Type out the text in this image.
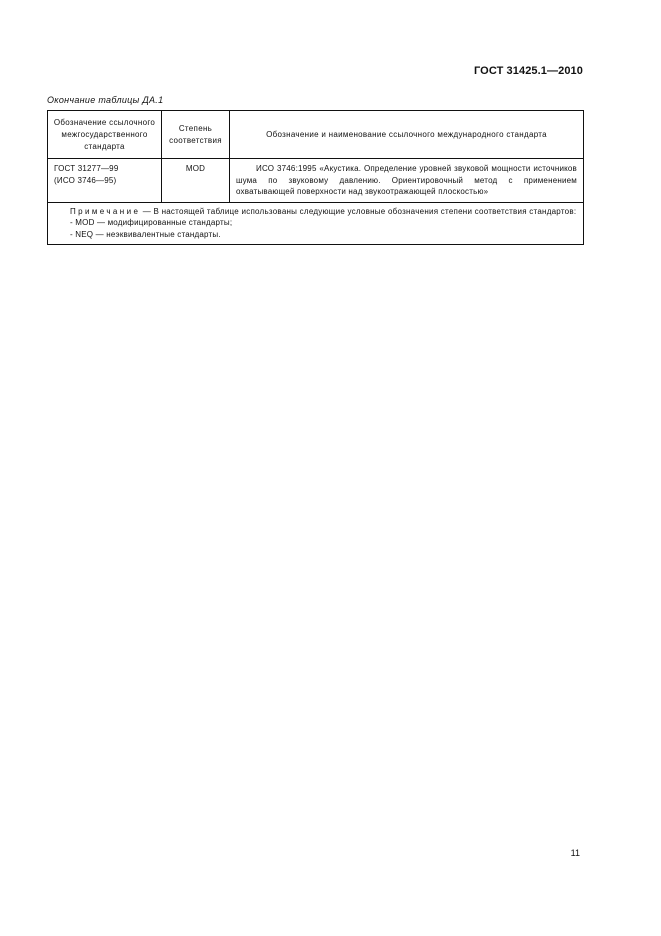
ГОСТ 31425.1—2010
Окончание таблицы ДА.1
Обозначение ссылочного межгосударственного стандарта	Степень соответствия	Обозначение и наименование ссылочного международного стандарта

ГОСТ 31277—99
(ИСО 3746—95)	MOD	ИСО 3746:1995 «Акустика. Определение уровней звуковой мощности источников шума по звуковому давлению. Ориентировочный метод с применением охватывающей поверхности над звукоотражающей плоскостью»

Примечание — В настоящей таблице использованы следующие условные обозначения степени соответствия стандартов:
- MOD — модифицированные стандарты;
- NEQ — неэквивалентные стандарты.		
11
